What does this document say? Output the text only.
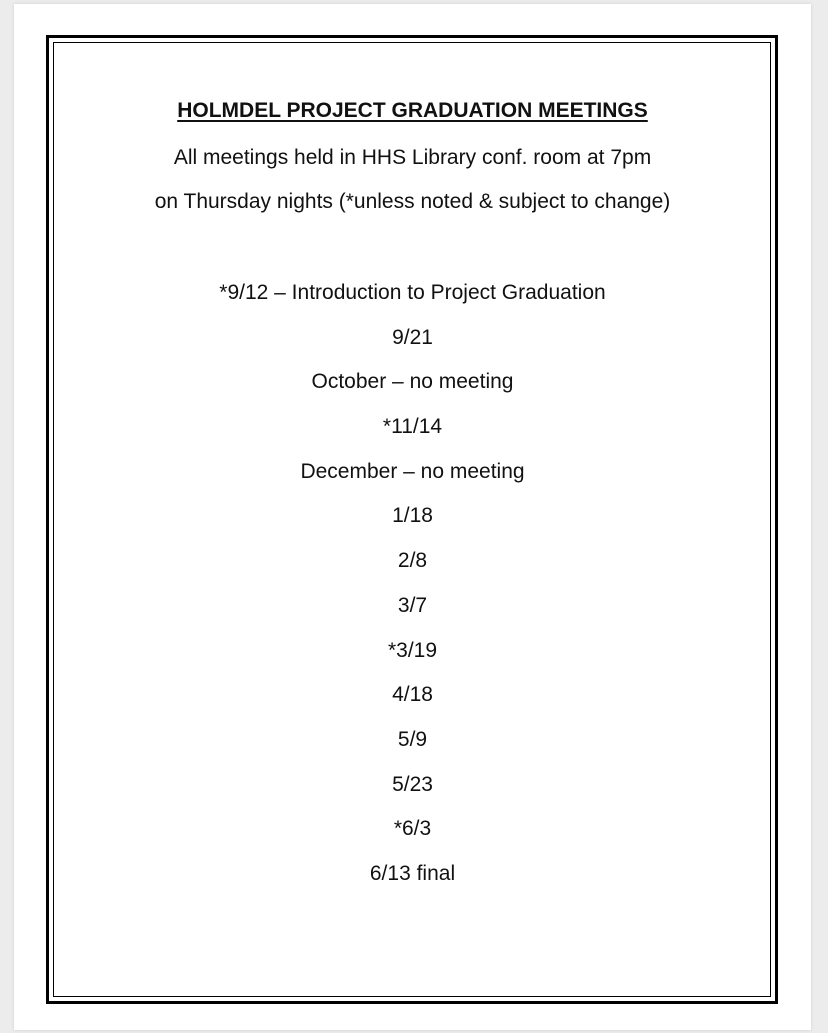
HOLMDEL PROJECT GRADUATION MEETINGS

All meetings held in HHS Library conf. room at 7pm

on Thursday nights (*unless noted & subject to change)

*9/12 – Introduction to Project Graduation
9/21
October – no meeting
*11/14
December – no meeting
1/18
2/8
3/7
*3/19
4/18
5/9
5/23
*6/3
6/13 final
